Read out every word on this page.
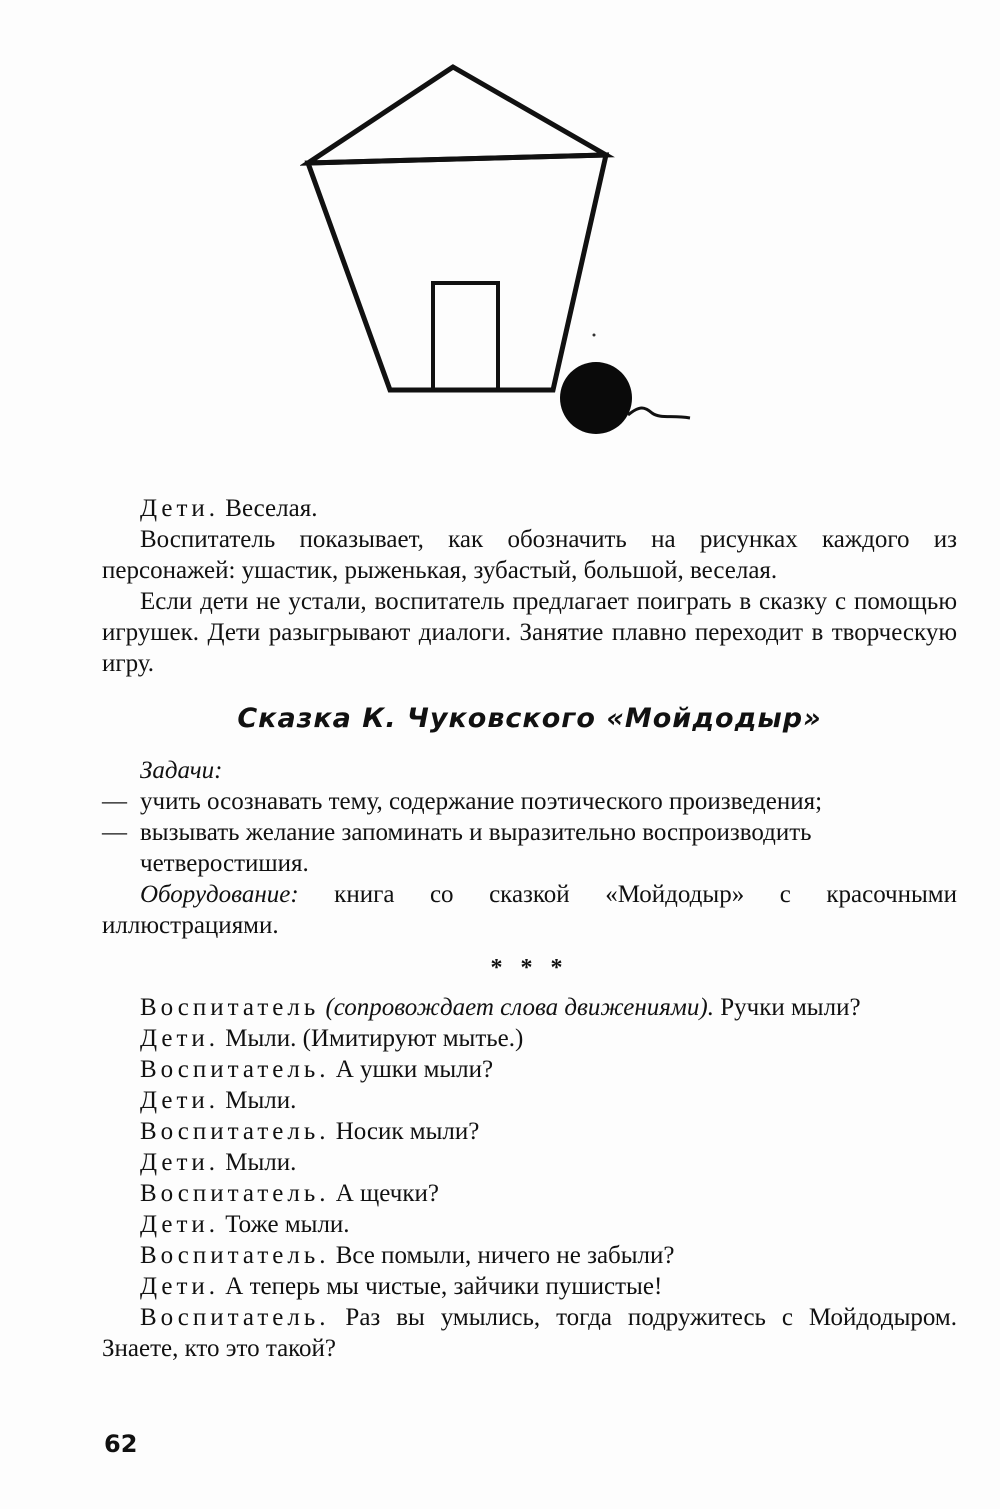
Дети. Веселая.

Воспитатель показывает, как обозначить на рисунках каждого из персонажей: ушастик, рыженькая, зубастый, большой, веселая.

Если дети не устали, воспитатель предлагает поиграть в сказку с помощью игрушек. Дети разыгрывают диалоги. Занятие плавно переходит в творческую игру.

Сказка К. Чуковского «Мойдодыр»

Задачи:

— учить осознавать тему, содержание поэтического произведения;
— вызывать желание запоминать и выразительно воспроизводить четверостишия.

Оборудование: книга со сказкой «Мойдодыр» с красочными иллюстрациями.

* * *

Воспитатель (сопровождает слова движениями). Ручки мыли?

Дети. Мыли. (Имитируют мытье.)

Воспитатель. А ушки мыли?

Дети. Мыли.

Воспитатель. Носик мыли?

Дети. Мыли.

Воспитатель. А щечки?

Дети. Тоже мыли.

Воспитатель. Все помыли, ничего не забыли?

Дети. А теперь мы чистые, зайчики пушистые!

Воспитатель. Раз вы умылись, тогда подружитесь с Мойдодыром. Знаете, кто это такой?

62
